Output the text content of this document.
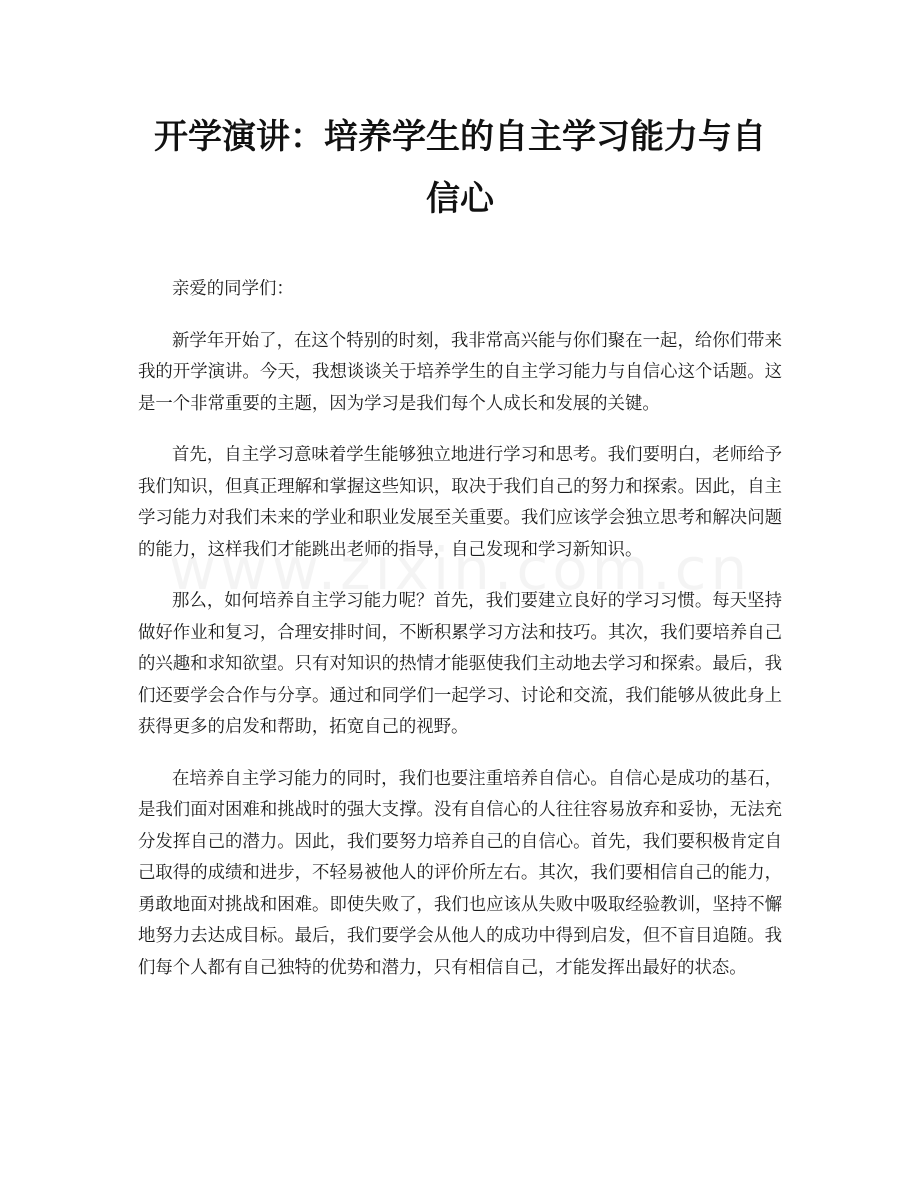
开学演讲：培养学生的自主学习能力与自信心

亲爱的同学们：

新学年开始了，在这个特别的时刻，我非常高兴能与你们聚在一起，给你们带来我的开学演讲。今天，我想谈谈关于培养学生的自主学习能力与自信心这个话题。这是一个非常重要的主题，因为学习是我们每个人成长和发展的关键。

首先，自主学习意味着学生能够独立地进行学习和思考。我们要明白，老师给予我们知识，但真正理解和掌握这些知识，取决于我们自己的努力和探索。因此，自主学习能力对我们未来的学业和职业发展至关重要。我们应该学会独立思考和解决问题的能力，这样我们才能跳出老师的指导，自己发现和学习新知识。

那么，如何培养自主学习能力呢？首先，我们要建立良好的学习习惯。每天坚持做好作业和复习，合理安排时间，不断积累学习方法和技巧。其次，我们要培养自己的兴趣和求知欲望。只有对知识的热情才能驱使我们主动地去学习和探索。最后，我们还要学会合作与分享。通过和同学们一起学习、讨论和交流，我们能够从彼此身上获得更多的启发和帮助，拓宽自己的视野。

在培养自主学习能力的同时，我们也要注重培养自信心。自信心是成功的基石，是我们面对困难和挑战时的强大支撑。没有自信心的人往往容易放弃和妥协，无法充分发挥自己的潜力。因此，我们要努力培养自己的自信心。首先，我们要积极肯定自己取得的成绩和进步，不轻易被他人的评价所左右。其次，我们要相信自己的能力，勇敢地面对挑战和困难。即使失败了，我们也应该从失败中吸取经验教训，坚持不懈地努力去达成目标。最后，我们要学会从他人的成功中得到启发，但不盲目追随。我们每个人都有自己独特的优势和潜力，只有相信自己，才能发挥出最好的状态。
